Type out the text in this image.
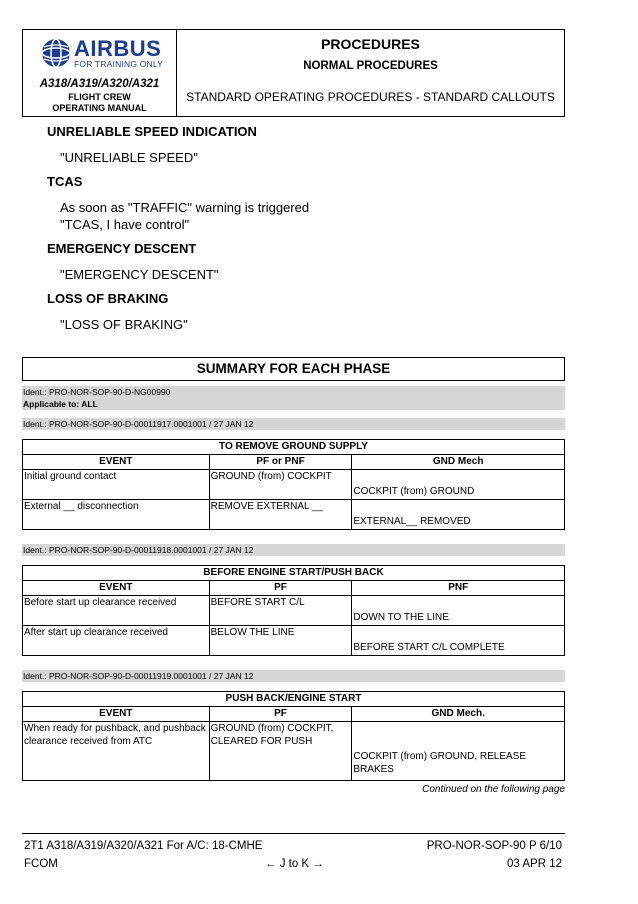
AIRBUS
FOR TRAINING ONLY
A318/A319/A320/A321
FLIGHT CREW
OPERATING MANUAL
PROCEDURES
NORMAL PROCEDURES
STANDARD OPERATING PROCEDURES - STANDARD CALLOUTS
UNRELIABLE SPEED INDICATION
"UNRELIABLE SPEED"
TCAS
As soon as "TRAFFIC" warning is triggered
"TCAS, I have control"
EMERGENCY DESCENT
"EMERGENCY DESCENT"
LOSS OF BRAKING
"LOSS OF BRAKING"
SUMMARY FOR EACH PHASE
Ident.: PRO-NOR-SOP-90-D-NG00990
Applicable to: ALL
Ident.: PRO-NOR-SOP-90-D-00011917.0001001 / 27 JAN 12
TO REMOVE GROUND SUPPLY		
EVENT	PF or PNF	GND Mech
Initial ground contact	GROUND (from) COCKPIT	COCKPIT (from) GROUND

External __ disconnection	REMOVE EXTERNAL __	EXTERNAL__ REMOVED
Ident.: PRO-NOR-SOP-90-D-00011918.0001001 / 27 JAN 12
BEFORE ENGINE START/PUSH BACK		
EVENT	PF	PNF
Before start up clearance received	BEFORE START C/L	DOWN TO THE LINE

After start up clearance received	BELOW THE LINE	BEFORE START C/L COMPLETE
Ident.: PRO-NOR-SOP-90-D-00011919.0001001 / 27 JAN 12
PUSH BACK/ENGINE START		
EVENT	PF	GND Mech.
When ready for pushback, and pushback clearance received from ATC	GROUND (from) COCKPIT, CLEARED FOR PUSH	COCKPIT (from) GROUND, RELEASE BRAKES
Continued on the following page
2T1 A318/A319/A320/A321 For A/C: 18-CMHE	PRO-NOR-SOP-90 P 6/10
FCOM	← J to K →	03 APR 12
